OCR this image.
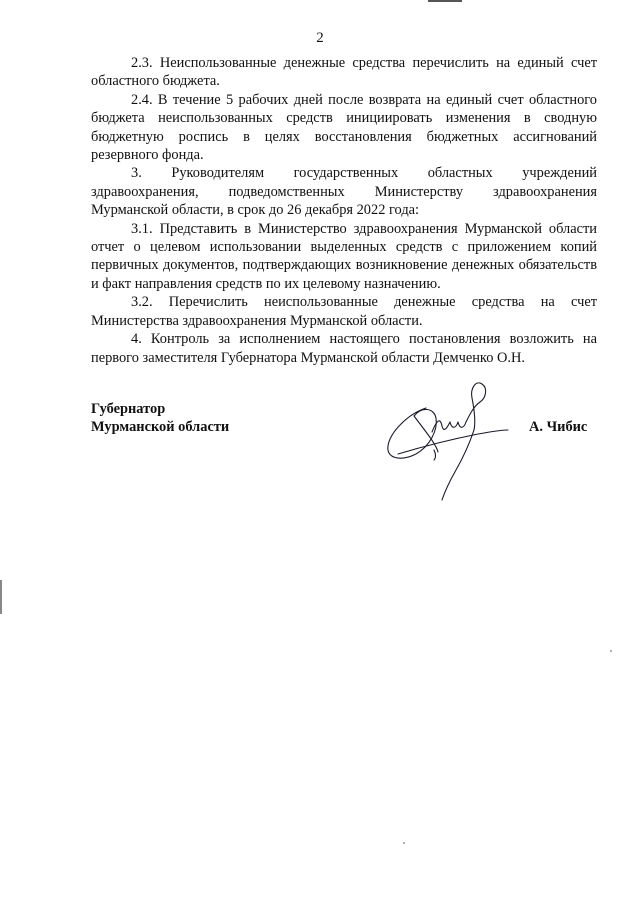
2

2.3. Неиспользованные денежные средства перечислить на единый счет областного бюджета.

2.4. В течение 5 рабочих дней после возврата на единый счет областного бюджета неиспользованных средств инициировать изменения в сводную бюджетную роспись в целях восстановления бюджетных ассигнований резервного фонда.

3. Руководителям государственных областных учреждений здравоохранения, подведомственных Министерству здравоохранения Мурманской области, в срок до 26 декабря 2022 года:

3.1. Представить в Министерство здравоохранения Мурманской области отчет о целевом использовании выделенных средств с приложением копий первичных документов, подтверждающих возникновение денежных обязательств и факт направления средств по их целевому назначению.

3.2. Перечислить неиспользованные денежные средства на счет Министерства здравоохранения Мурманской области.

4. Контроль за исполнением настоящего постановления возложить на первого заместителя Губернатора Мурманской области Демченко О.Н.

Губернатор
Мурманской области	А. Чибис
